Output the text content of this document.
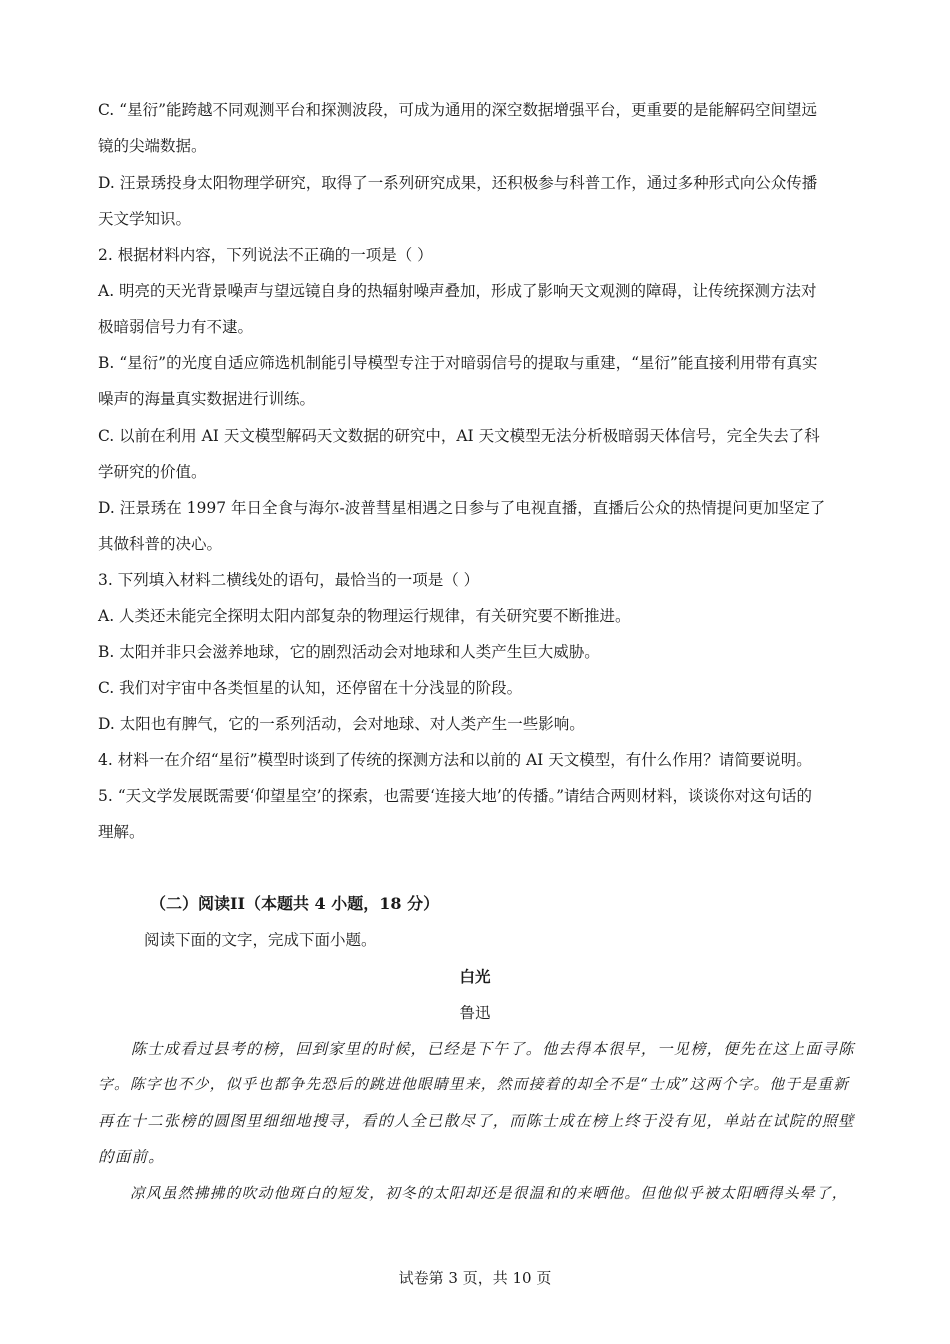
C. “星衍”能跨越不同观测平台和探测波段，可成为通用的深空数据增强平台，更重要的是能解码空间望远
镜的尖端数据。
D. 汪景琇投身太阳物理学研究，取得了一系列研究成果，还积极参与科普工作，通过多种形式向公众传播
天文学知识。
2. 根据材料内容，下列说法不正确的一项是（ ）
A. 明亮的天光背景噪声与望远镜自身的热辐射噪声叠加，形成了影响天文观测的障碍，让传统探测方法对
极暗弱信号力有不逮。
B. “星衍”的光度自适应筛选机制能引导模型专注于对暗弱信号的提取与重建，“星衍”能直接利用带有真实
噪声的海量真实数据进行训练。
C. 以前在利用 AI 天文模型解码天文数据的研究中，AI 天文模型无法分析极暗弱天体信号，完全失去了科
学研究的价值。
D. 汪景琇在 1997 年日全食与海尔-波普彗星相遇之日参与了电视直播，直播后公众的热情提问更加坚定了
其做科普的决心。
3. 下列填入材料二横线处的语句，最恰当的一项是（ ）
A. 人类还未能完全探明太阳内部复杂的物理运行规律，有关研究要不断推进。
B. 太阳并非只会滋养地球，它的剧烈活动会对地球和人类产生巨大威胁。
C. 我们对宇宙中各类恒星的认知，还停留在十分浅显的阶段。
D. 太阳也有脾气，它的一系列活动，会对地球、对人类产生一些影响。
4. 材料一在介绍“星衍”模型时谈到了传统的探测方法和以前的 AI 天文模型，有什么作用？请简要说明。
5. “天文学发展既需要‘仰望星空’的探索，也需要‘连接大地’的传播。”请结合两则材料，谈谈你对这句话的
理解。
（二）阅读II（本题共 4 小题，18 分）
阅读下面的文字，完成下面小题。
白光
鲁迅
　　陈士成看过县考的榜，回到家里的时候，已经是下午了。他去得本很早，一见榜，便先在这上面寻陈
字。陈字也不少，似乎也都争先恐后的跳进他眼睛里来，然而接着的却全不是“士成”这两个字。他于是重新
再在十二张榜的圆图里细细地搜寻，看的人全已散尽了，而陈士成在榜上终于没有见，单站在试院的照壁
的面前。
　　凉风虽然拂拂的吹动他斑白的短发，初冬的太阳却还是很温和的来晒他。但他似乎被太阳晒得头晕了，
试卷第 3 页，共 10 页
